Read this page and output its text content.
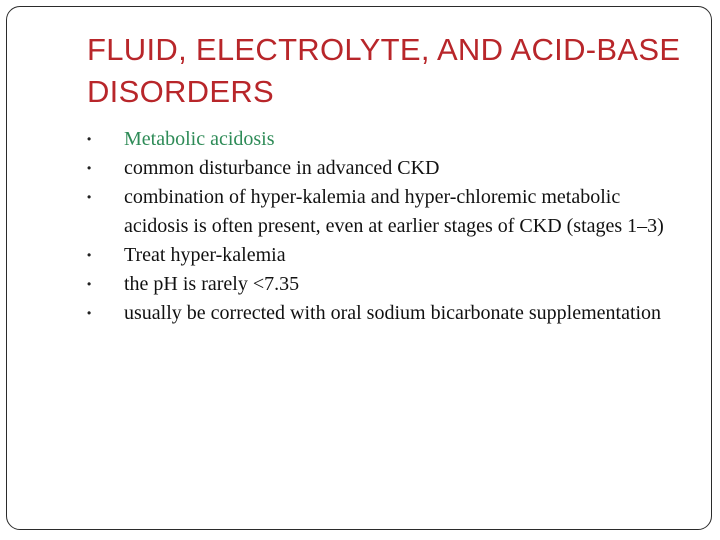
FLUID, ELECTROLYTE, AND ACID-BASE DISORDERS
•	Metabolic acidosis
•	common disturbance in advanced CKD
•	combination of hyper-kalemia and hyper-chloremic metabolic acidosis is often present, even at earlier stages of CKD (stages 1–3)
•	Treat hyper-kalemia
•	the pH is rarely <7.35
•	usually be corrected with oral sodium bicarbonate supplementation
